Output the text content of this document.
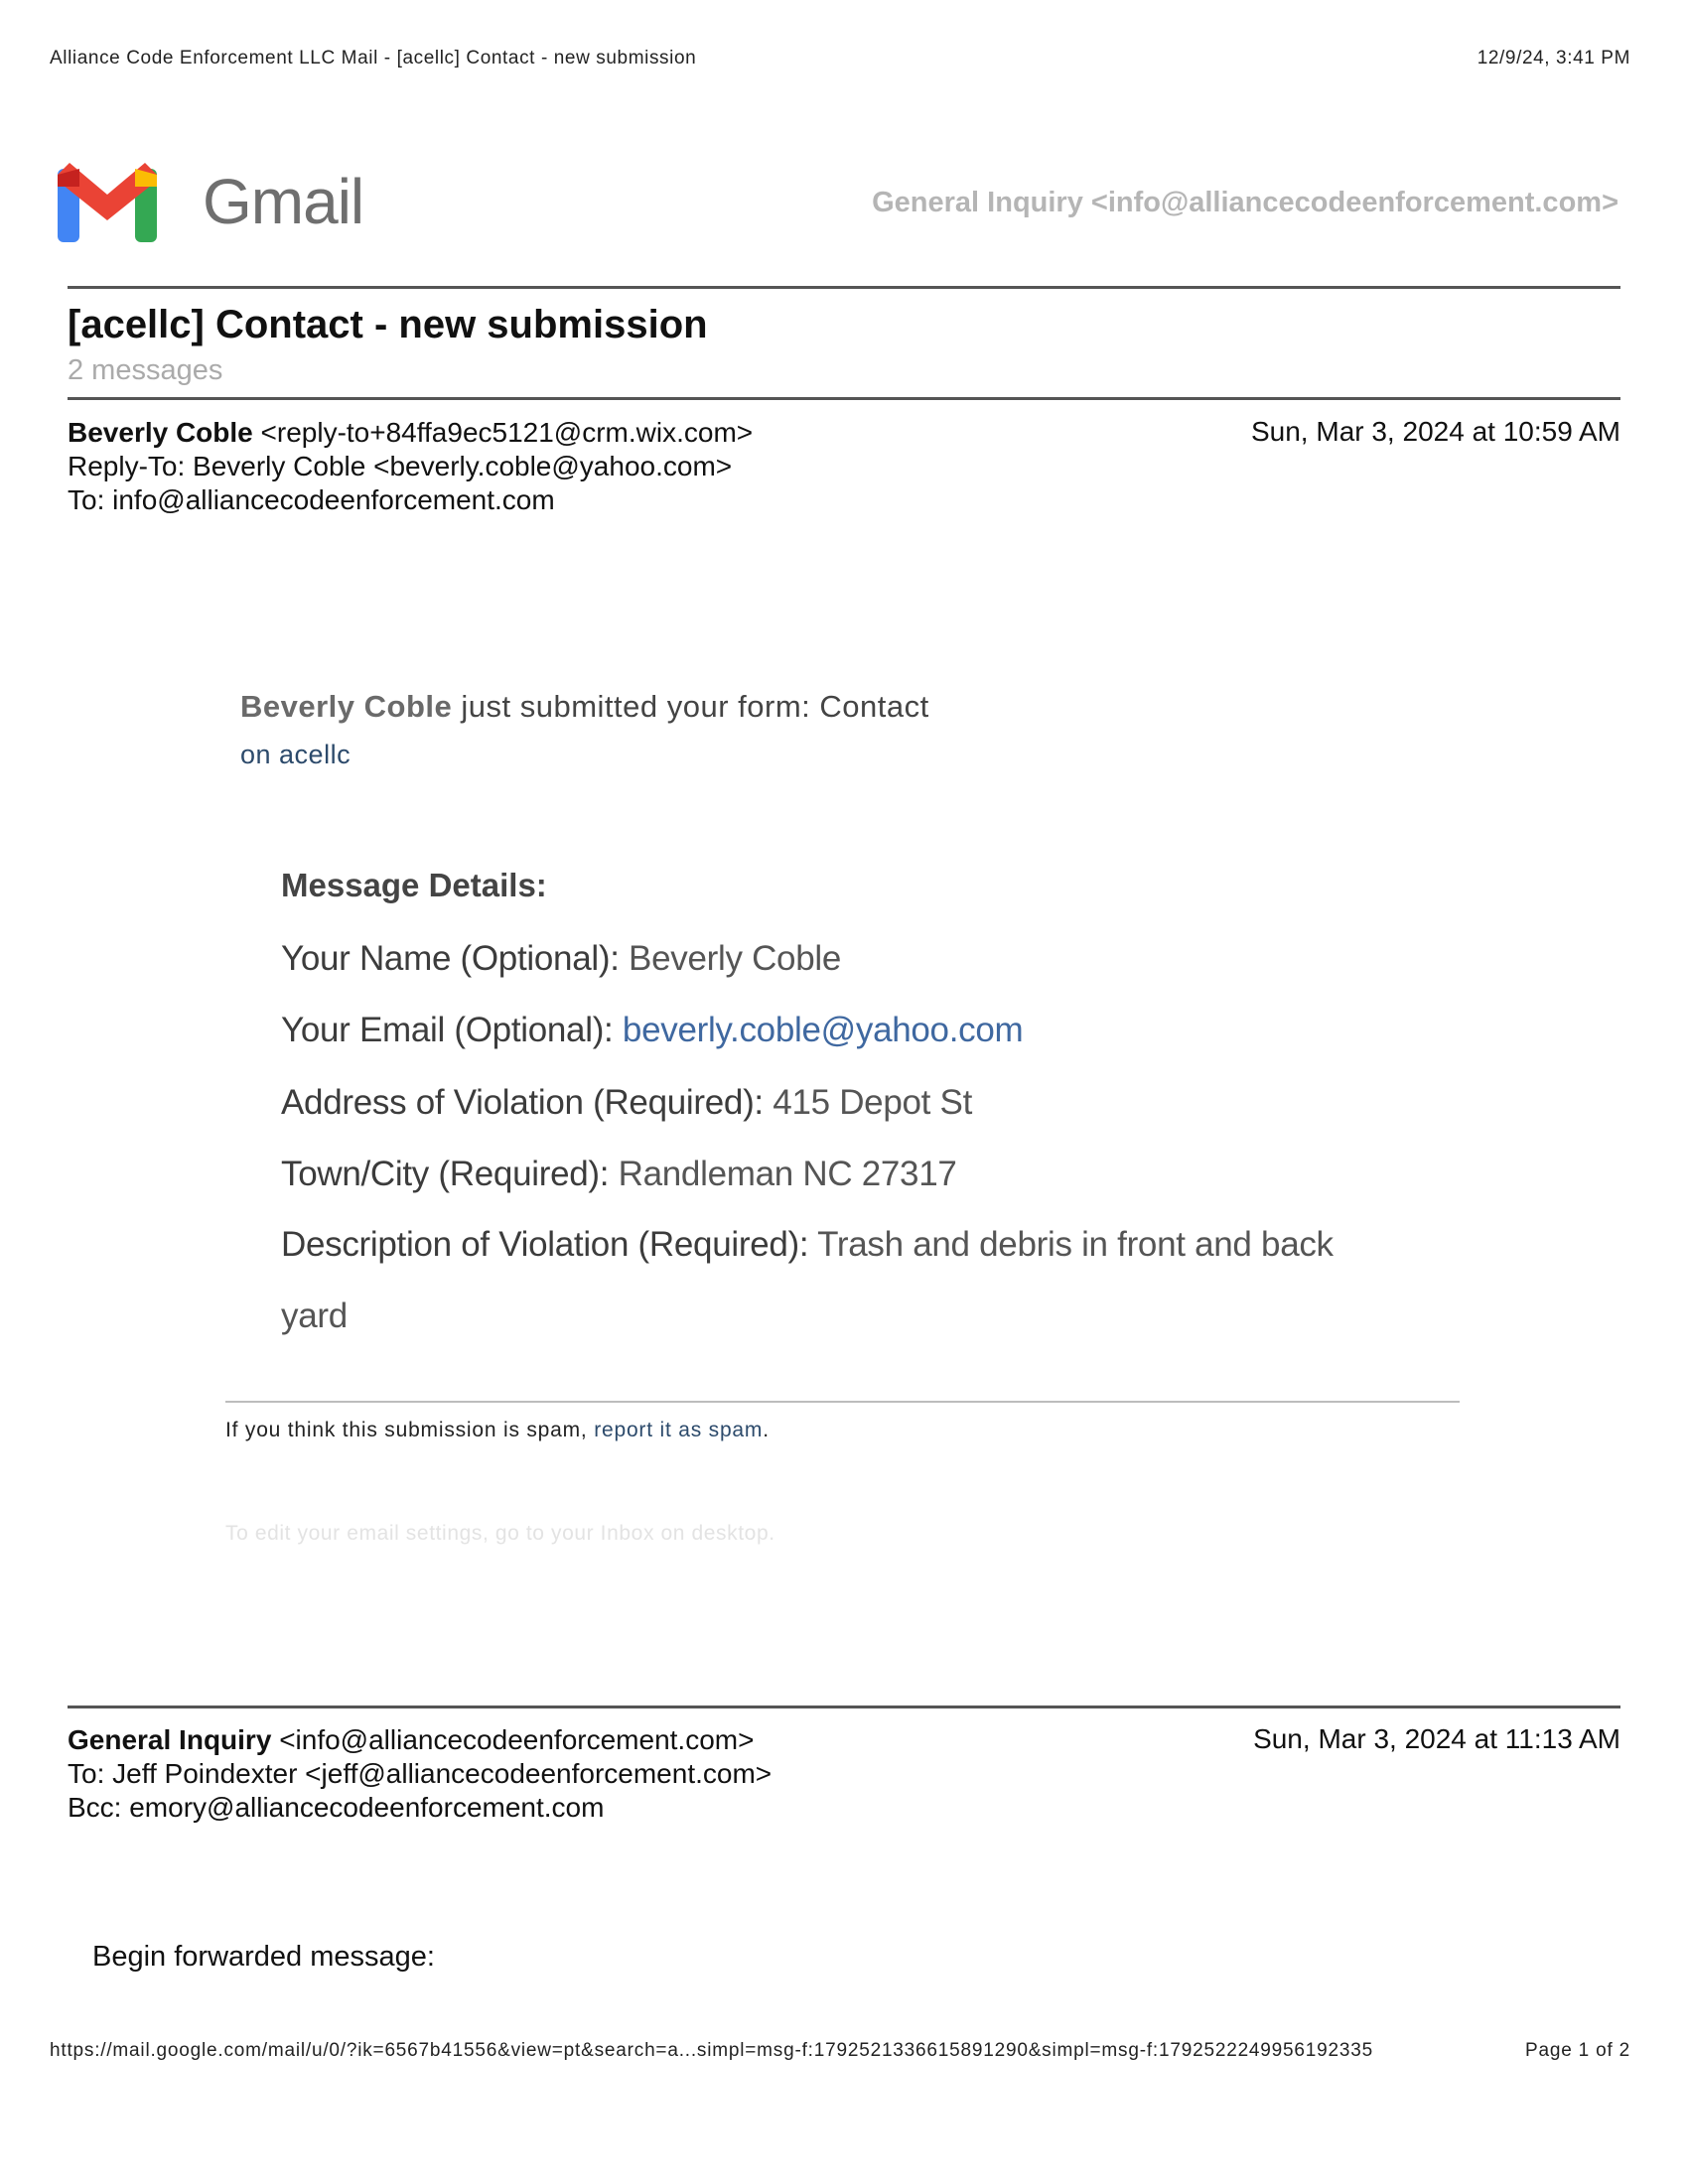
Alliance Code Enforcement LLC Mail - [acellc] Contact - new submission	12/9/24, 3:41 PM
Gmail	General Inquiry <info@alliancecodeenforcement.com>
[acellc] Contact - new submission
2 messages
Beverly Coble <reply-to+84ffa9ec5121@crm.wix.com>
Reply-To: Beverly Coble <beverly.coble@yahoo.com>
To: info@alliancecodeenforcement.com
Sun, Mar 3, 2024 at 10:59 AM
Beverly Coble just submitted your form: Contact
on acellc
Message Details:
Your Name (Optional): Beverly Coble
Your Email (Optional): beverly.coble@yahoo.com
Address of Violation (Required): 415 Depot St
Town/City (Required): Randleman NC 27317
Description of Violation (Required): Trash and debris in front and back
yard
If you think this submission is spam, report it as spam.
To edit your email settings, go to your Inbox on desktop.
General Inquiry <info@alliancecodeenforcement.com>
To: Jeff Poindexter <jeff@alliancecodeenforcement.com>
Bcc: emory@alliancecodeenforcement.com
Sun, Mar 3, 2024 at 11:13 AM
Begin forwarded message:
https://mail.google.com/mail/u/0/?ik=6567b41556&view=pt&search=a...simpl=msg-f:1792521336615891290&simpl=msg-f:1792522249956192335	Page 1 of 2
